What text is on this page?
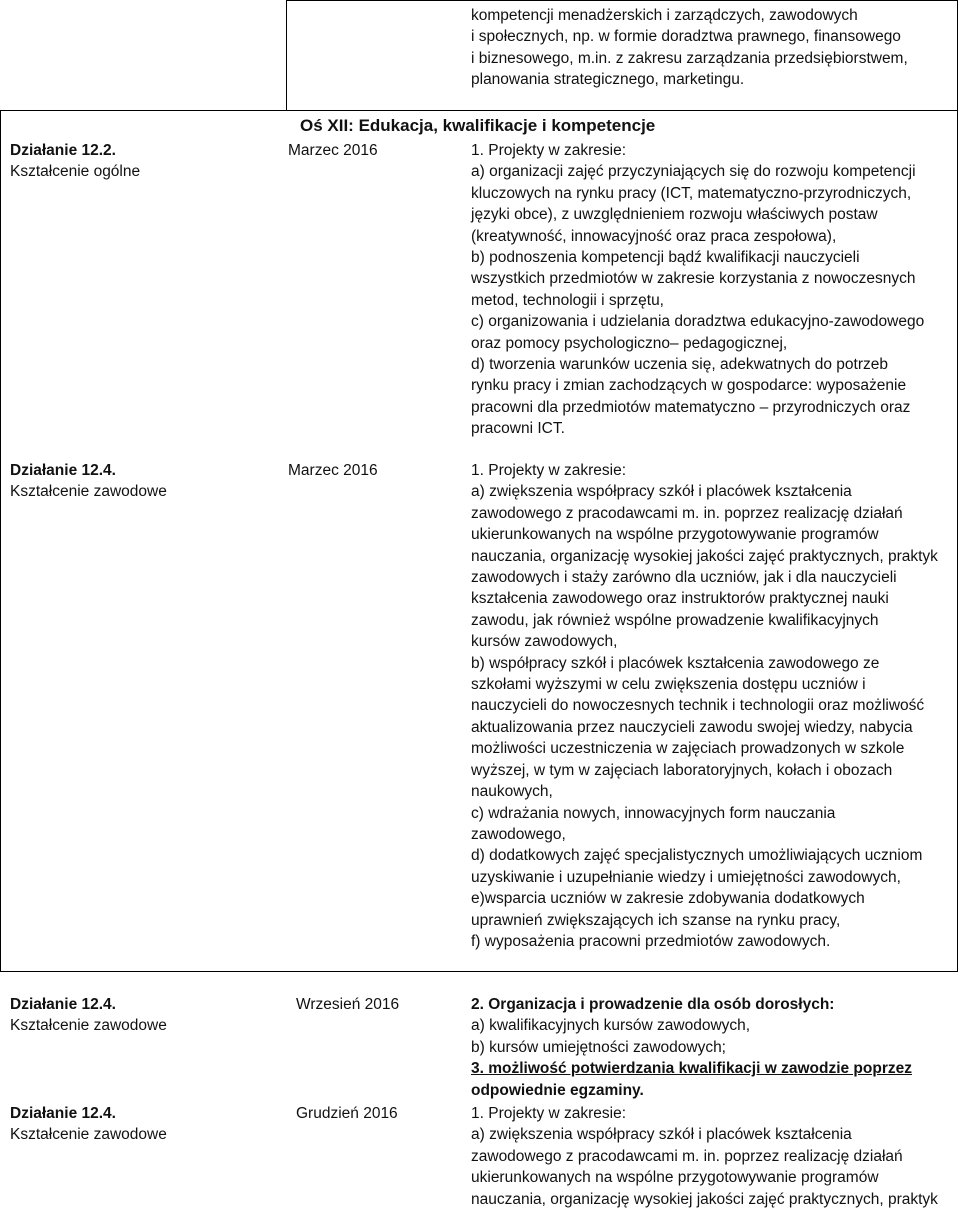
kompetencji menadżerskich i zarządczych, zawodowych
i społecznych, np. w formie doradztwa prawnego, finansowego
i biznesowego, m.in. z zakresu zarządzania przedsiębiorstwem,
planowania strategicznego, marketingu.
Oś XII: Edukacja, kwalifikacje i kompetencje
Działanie 12.2.
Kształcenie ogólne
Marzec 2016	1. Projekty w zakresie:
a) organizacji zajęć przyczyniających się do rozwoju kompetencji
kluczowych na rynku pracy (ICT, matematyczno-przyrodniczych,
języki obce), z uwzględnieniem rozwoju właściwych postaw
(kreatywność, innowacyjność oraz praca zespołowa),
b) podnoszenia kompetencji bądź kwalifikacji nauczycieli
wszystkich przedmiotów w zakresie korzystania z nowoczesnych
metod, technologii i sprzętu,
c) organizowania i udzielania doradztwa edukacyjno-zawodowego
oraz pomocy psychologiczno– pedagogicznej,
d) tworzenia warunków uczenia się, adekwatnych do potrzeb
rynku pracy i zmian zachodzących w gospodarce: wyposażenie
pracowni dla przedmiotów matematyczno – przyrodniczych oraz
pracowni ICT.
Działanie 12.4.
Kształcenie zawodowe
Marzec 2016	1. Projekty w zakresie:
a) zwiększenia współpracy szkół i placówek kształcenia
zawodowego z pracodawcami m. in. poprzez realizację działań
ukierunkowanych na wspólne przygotowywanie programów
nauczania, organizację wysokiej jakości zajęć praktycznych, praktyk
zawodowych i staży zarówno dla uczniów, jak i dla nauczycieli
kształcenia zawodowego oraz instruktorów praktycznej nauki
zawodu, jak również wspólne prowadzenie kwalifikacyjnych
kursów zawodowych,
b) współpracy szkół i placówek kształcenia zawodowego ze
szkołami wyższymi w celu zwiększenia dostępu uczniów i
nauczycieli do nowoczesnych technik i technologii oraz możliwość
aktualizowania przez nauczycieli zawodu swojej wiedzy, nabycia
możliwości uczestniczenia w zajęciach prowadzonych w szkole
wyższej, w tym w zajęciach laboratoryjnych, kołach i obozach
naukowych,
c) wdrażania nowych, innowacyjnych form nauczania
zawodowego,
d) dodatkowych zajęć specjalistycznych umożliwiających uczniom
uzyskiwanie i uzupełnianie wiedzy i umiejętności zawodowych,
e)wsparcia uczniów w zakresie zdobywania dodatkowych
uprawnień zwiększających ich szanse na rynku pracy,
f) wyposażenia pracowni przedmiotów zawodowych.
Działanie 12.4.
Kształcenie zawodowe
Wrzesień 2016	2. Organizacja i prowadzenie dla osób dorosłych:
a) kwalifikacyjnych kursów zawodowych,
b) kursów umiejętności zawodowych;
3. możliwość potwierdzania kwalifikacji w zawodzie poprzez
odpowiednie egzaminy.
Działanie 12.4.
Kształcenie zawodowe
Grudzień 2016	1. Projekty w zakresie:
a) zwiększenia współpracy szkół i placówek kształcenia
zawodowego z pracodawcami m. in. poprzez realizację działań
ukierunkowanych na wspólne przygotowywanie programów
nauczania, organizację wysokiej jakości zajęć praktycznych, praktyk
